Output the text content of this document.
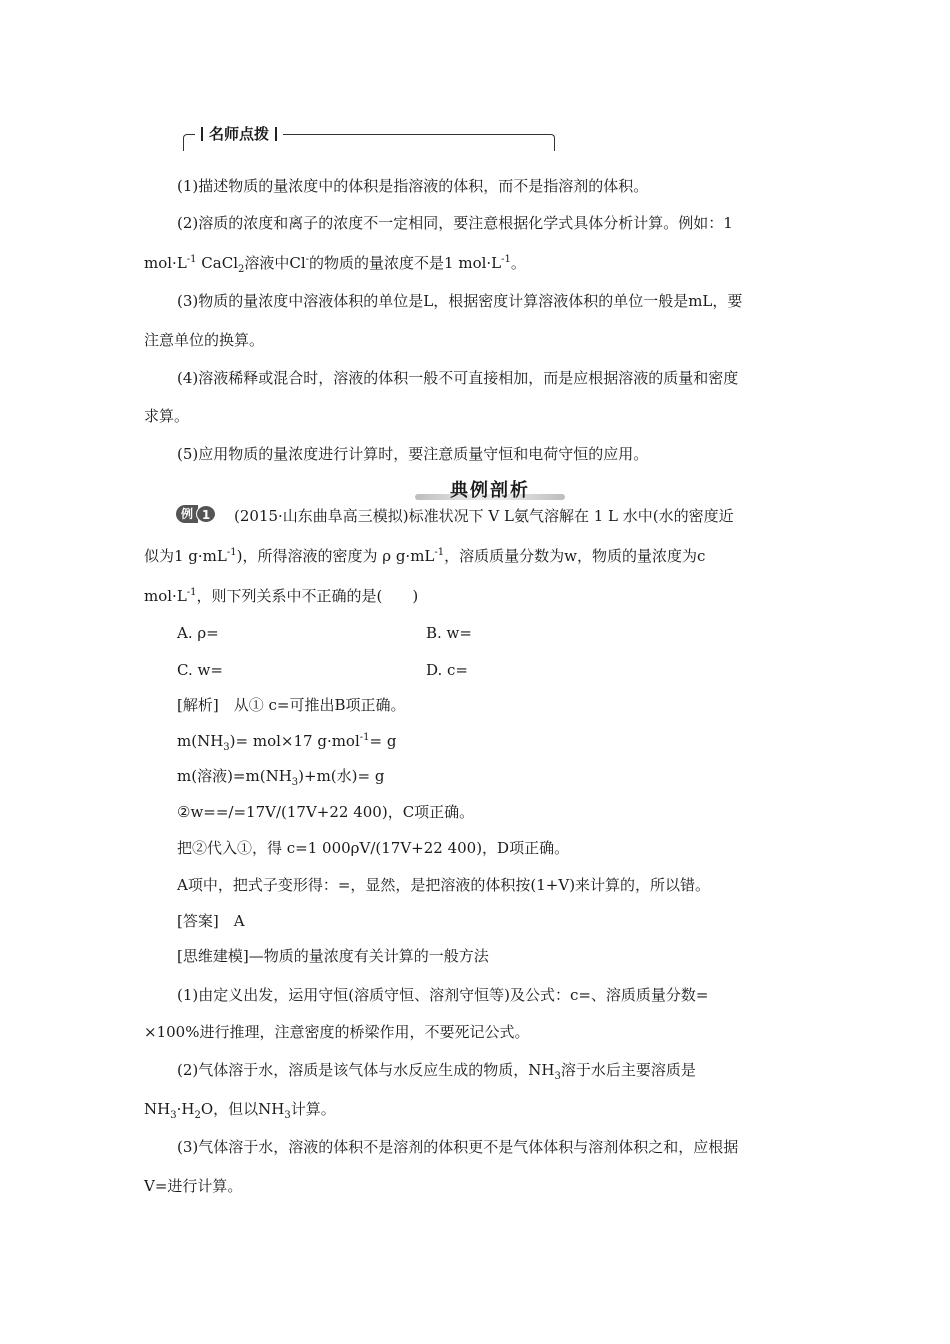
名师点拨
(1)描述物质的量浓度中的体积是指溶液的体积，而不是指溶剂的体积。
(2)溶质的浓度和离子的浓度不一定相同，要注意根据化学式具体分析计算。例如：1
$mol\cdot L^{-1}$ CaCl$_2$溶液中Cl-的物质的量浓度不是1 $mol\cdot L^{-1}$。
(3)物质的量浓度中溶液体积的单位是L，根据密度计算溶液体积的单位一般是mL，要
注意单位的换算。
(4)溶液稀释或混合时，溶液的体积一般不可直接相加，而是应根据溶液的质量和密度
求算。
(5)应用物质的量浓度进行计算时，要注意质量守恒和电荷守恒的应用。
典例剖析
例 1	(2015·山东曲阜高三模拟)标准状况下 V L氨气溶解在 1 L 水中(水的密度近
似为1 $g\cdot mL^{-1}$)，所得溶液的密度为 ρ $g\cdot mL^{-1}$，溶质质量分数为w，物质的量浓度为c
$mol\cdot L^{-1}$，则下列关系中不正确的是(　　)
A. ρ=	B. w=
C. w=	D. c=
[解析]　从① c=可推出B项正确。
$m(NH_3)= mol\times 17$ g·mol$^{-1}$= g
m(溶液)$=m(NH_3)+m$(水)= g
②w==/=17V/(17V+22 400)，C项正确。
把②代入①，得 c=1 000ρV/(17V+22 400)，D项正确。
A项中，把式子变形得：=，显然，是把溶液的体积按(1+V)来计算的，所以错。
[答案]　A
[思维建模]—物质的量浓度有关计算的一般方法
(1)由定义出发，运用守恒(溶质守恒、溶剂守恒等)及公式：c=、溶质质量分数=
×100%进行推理，注意密度的桥梁作用，不要死记公式。
(2)气体溶于水，溶质是该气体与水反应生成的物质，$NH_3$溶于水后主要溶质是
$NH_3\cdot H_2O$，但以$NH_3$计算。
(3)气体溶于水，溶液的体积不是溶剂的体积更不是气体体积与溶剂体积之和，应根据
V=进行计算。
